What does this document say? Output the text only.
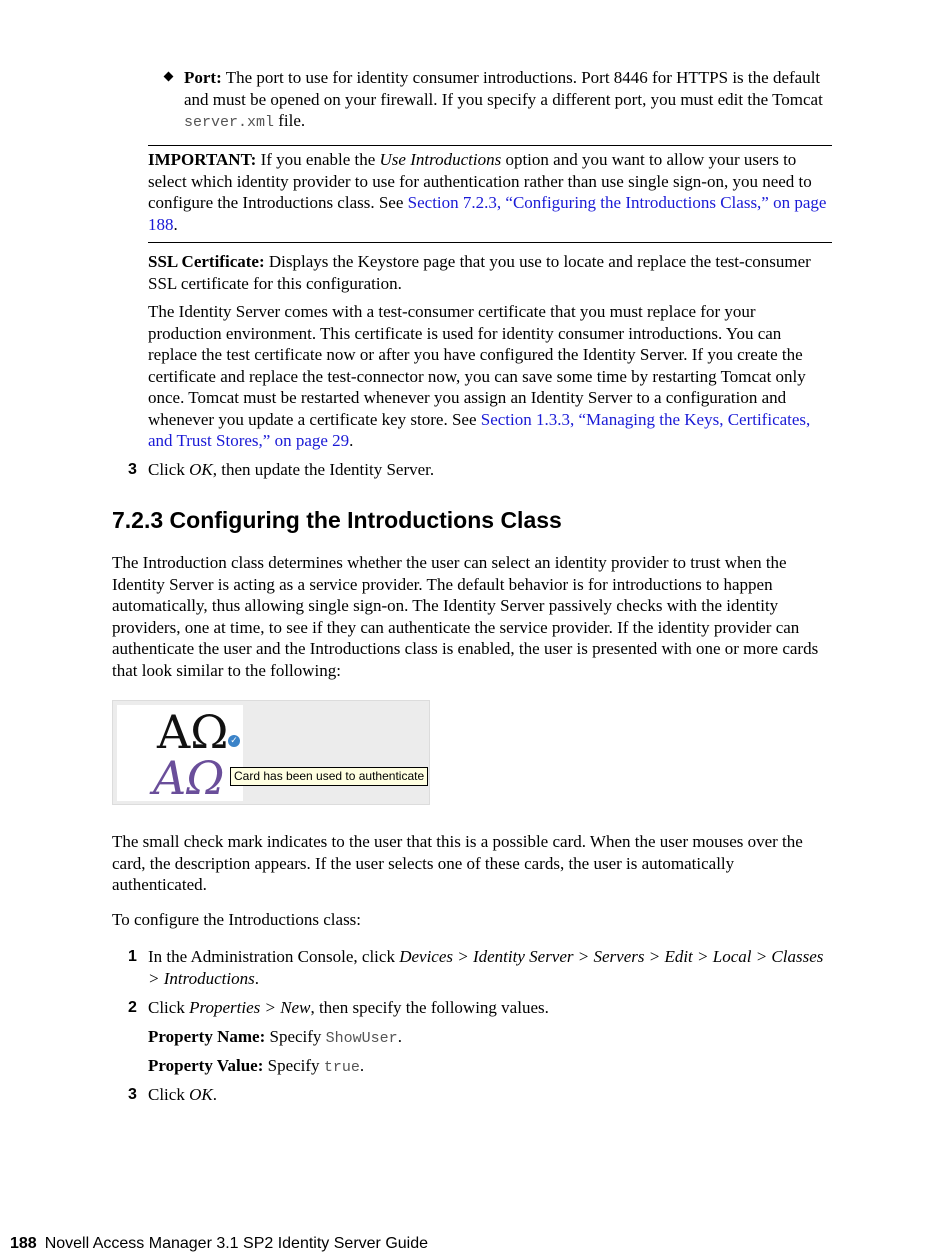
Port: The port to use for identity consumer introductions. Port 8446 for HTTPS is the default and must be opened on your firewall. If you specify a different port, you must edit the Tomcat server.xml file.
IMPORTANT: If you enable the Use Introductions option and you want to allow your users to select which identity provider to use for authentication rather than use single sign-on, you need to configure the Introductions class. See Section 7.2.3, “Configuring the Introductions Class,” on page 188.
SSL Certificate: Displays the Keystore page that you use to locate and replace the test-consumer SSL certificate for this configuration.
The Identity Server comes with a test-consumer certificate that you must replace for your production environment. This certificate is used for identity consumer introductions. You can replace the test certificate now or after you have configured the Identity Server. If you create the certificate and replace the test-connector now, you can save some time by restarting Tomcat only once. Tomcat must be restarted whenever you assign an Identity Server to a configuration and whenever you update a certificate key store. See Section 1.3.3, “Managing the Keys, Certificates, and Trust Stores,” on page 29.
3 Click OK, then update the Identity Server.
7.2.3 Configuring the Introductions Class
The Introduction class determines whether the user can select an identity provider to trust when the Identity Server is acting as a service provider. The default behavior is for introductions to happen automatically, thus allowing single sign-on. The Identity Server passively checks with the identity providers, one at time, to see if they can authenticate the service provider. If the identity provider can authenticate the user and the Introductions class is enabled, the user is presented with one or more cards that look similar to the following:
AΩ
AΩ
✓
Card has been used to authenticate
The small check mark indicates to the user that this is a possible card. When the user mouses over the card, the description appears. If the user selects one of these cards, the user is automatically authenticated.
To configure the Introductions class:
1 In the Administration Console, click Devices > Identity Server > Servers > Edit > Local > Classes > Introductions.
2 Click Properties > New, then specify the following values.
Property Name: Specify ShowUser.
Property Value: Specify true.
3 Click OK.
188 Novell Access Manager 3.1 SP2 Identity Server Guide
